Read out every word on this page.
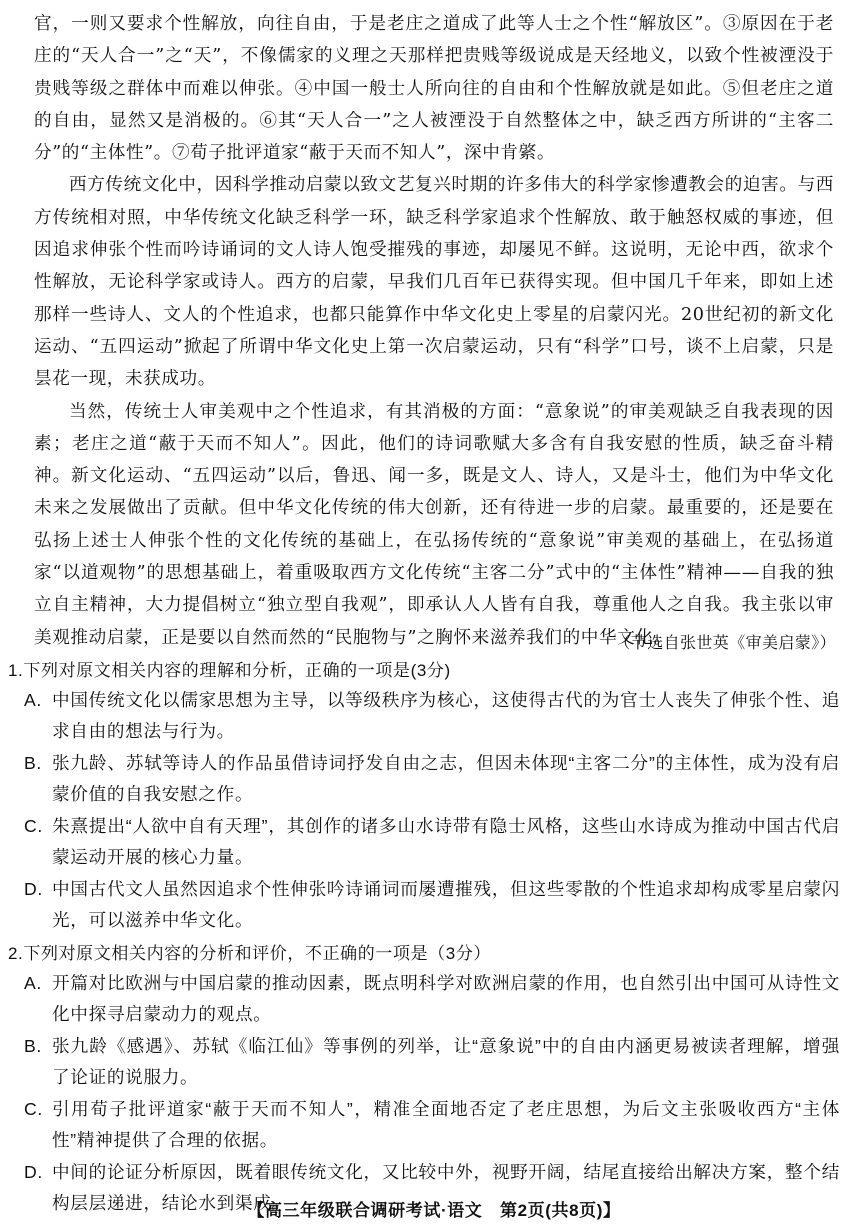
官，一则又要求个性解放，向往自由，于是老庄之道成了此等人士之个性“解放区”。③原因在于老庄的“天人合一”之“天”，不像儒家的义理之天那样把贵贱等级说成是天经地义，以致个性被湮没于贵贱等级之群体中而难以伸张。④中国一般士人所向往的自由和个性解放就是如此。⑤但老庄之道的自由，显然又是消极的。⑥其“天人合一”之人被湮没于自然整体之中，缺乏西方所讲的“主客二分”的“主体性”。⑦荀子批评道家“蔽于天而不知人”，深中肯綮。

西方传统文化中，因科学推动启蒙以致文艺复兴时期的许多伟大的科学家惨遭教会的迫害。与西方传统相对照，中华传统文化缺乏科学一环，缺乏科学家追求个性解放、敢于触怒权威的事迹，但因追求伸张个性而吟诗诵词的文人诗人饱受摧残的事迹，却屡见不鲜。这说明，无论中西，欲求个性解放，无论科学家或诗人。西方的启蒙，早我们几百年已获得实现。但中国几千年来，即如上述那样一些诗人、文人的个性追求，也都只能算作中华文化史上零星的启蒙闪光。20世纪初的新文化运动、“五四运动”掀起了所谓中华文化史上第一次启蒙运动，只有“科学”口号，谈不上启蒙，只是昙花一现，未获成功。

当然，传统士人审美观中之个性追求，有其消极的方面：“意象说”的审美观缺乏自我表现的因素；老庄之道“蔽于天而不知人”。因此，他们的诗词歌赋大多含有自我安慰的性质，缺乏奋斗精神。新文化运动、“五四运动”以后，鲁迅、闻一多，既是文人、诗人，又是斗士，他们为中华文化未来之发展做出了贡献。但中华文化传统的伟大创新，还有待进一步的启蒙。最重要的，还是要在弘扬上述士人伸张个性的文化传统的基础上，在弘扬传统的“意象说”审美观的基础上，在弘扬道家“以道观物”的思想基础上，着重吸取西方文化传统“主客二分”式中的“主体性”精神——自我的独立自主精神，大力提倡树立“独立型自我观”，即承认人人皆有自我，尊重他人之自我。我主张以审美观推动启蒙，正是要以自然而然的“民胞物与”之胸怀来滋养我们的中华文化。

（节选自张世英《审美启蒙》）

1.下列对原文相关内容的理解和分析，正确的一项是(3分)

A. 中国传统文化以儒家思想为主导，以等级秩序为核心，这使得古代的为官士人丧失了伸张个性、追求自由的想法与行为。
B. 张九龄、苏轼等诗人的作品虽借诗词抒发自由之志，但因未体现“主客二分”的主体性，成为没有启蒙价值的自我安慰之作。
C. 朱熹提出“人欲中自有天理”，其创作的诸多山水诗带有隐士风格，这些山水诗成为推动中国古代启蒙运动开展的核心力量。
D. 中国古代文人虽然因追求个性伸张吟诗诵词而屡遭摧残，但这些零散的个性追求却构成零星启蒙闪光，可以滋养中华文化。

2.下列对原文相关内容的分析和评价，不正确的一项是（3分）

A. 开篇对比欧洲与中国启蒙的推动因素，既点明科学对欧洲启蒙的作用，也自然引出中国可从诗性文化中探寻启蒙动力的观点。
B. 张九龄《感遇》、苏轼《临江仙》等事例的列举，让“意象说”中的自由内涵更易被读者理解，增强了论证的说服力。
C. 引用荀子批评道家“蔽于天而不知人”，精准全面地否定了老庄思想，为后文主张吸收西方“主体性”精神提供了合理的依据。
D. 中间的论证分析原因，既着眼传统文化，又比较中外，视野开阔，结尾直接给出解决方案，整个结构层层递进，结论水到渠成。
【高三年级联合调研考试·语文　第2页(共8页)】
